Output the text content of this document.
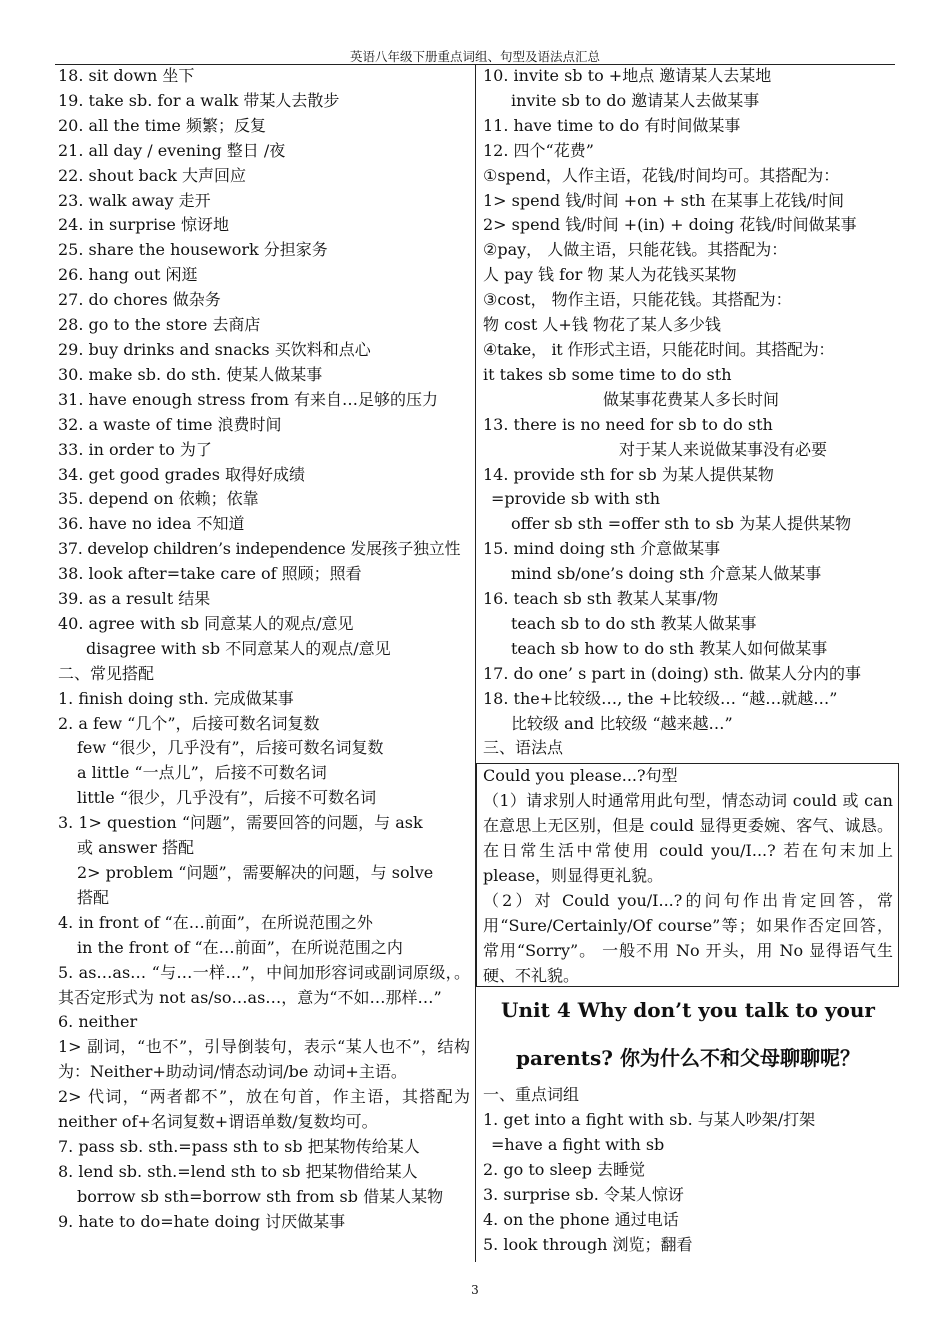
英语八年级下册重点词组、句型及语法点汇总
18. sit down 坐下
19. take sb. for a walk 带某人去散步
20. all the time 频繁；反复
21. all day / evening 整日 /夜
22. shout back 大声回应
23. walk away 走开
24. in surprise 惊讶地
25. share the housework 分担家务
26. hang out 闲逛
27. do chores 做杂务
28. go to the store 去商店
29. buy drinks and snacks 买饮料和点心
30. make sb. do sth. 使某人做某事
31. have enough stress from 有来自…足够的压力
32. a waste of time 浪费时间
33. in order to 为了
34. get good grades 取得好成绩
35. depend on 依赖；依靠
36. have no idea 不知道
37. develop children’s independence 发展孩子独立性
38. look after=take care of 照顾；照看
39. as a result 结果
40. agree with sb 同意某人的观点/意见
disagree with sb 不同意某人的观点/意见
二、常见搭配
1. finish doing sth. 完成做某事
2. a few “几个”，后接可数名词复数
few “很少，几乎没有”，后接可数名词复数
a little “一点儿”，后接不可数名词
little “很少，几乎没有”，后接不可数名词
3. 1> question “问题”，需要回答的问题，与 ask
或 answer 搭配
2> problem “问题”，需要解决的问题，与 solve
搭配
4. in front of “在…前面”，在所说范围之外
in the front of “在…前面”，在所说范围之内
5. as…as… “与…一样…”，中间加形容词或副词原级，。其否定形式为 not as/so…as…，意为“不如…那样…”
6. neither
1> 副词，“也不”，引导倒装句，表示“某人也不”，结构为：Neither+助动词/情态动词/be 动词+主语。
2> 代词，“两者都不”，放在句首，作主语，其搭配为 neither of+名词复数+谓语单数/复数均可。
7. pass sb. sth.=pass sth to sb 把某物传给某人
8. lend sb. sth.=lend sth to sb 把某物借给某人
borrow sb sth=borrow sth from sb 借某人某物
9. hate to do=hate doing 讨厌做某事
10. invite sb to +地点 邀请某人去某地
invite sb to do 邀请某人去做某事
11. have time to do 有时间做某事
12. 四个“花费”
①spend，人作主语，花钱/时间均可。其搭配为：
1> spend 钱/时间 +on + sth 在某事上花钱/时间
2> spend 钱/时间 +(in) + doing 花钱/时间做某事
②pay， 人做主语，只能花钱。其搭配为：
人 pay 钱 for 物 某人为花钱买某物
③cost， 物作主语，只能花钱。其搭配为：
物 cost 人+钱 物花了某人多少钱
④take， it 作形式主语，只能花时间。其搭配为：
it takes sb some time to do sth
做某事花费某人多长时间
13. there is no need for sb to do sth
对于某人来说做某事没有必要
14. provide sth for sb 为某人提供某物
=provide sb with sth
offer sb sth =offer sth to sb 为某人提供某物
15. mind doing sth 介意做某事
mind sb/one’s doing sth 介意某人做某事
16. teach sb sth 教某人某事/物
teach sb to do sth 教某人做某事
teach sb how to do sth 教某人如何做某事
17. do one’ s part in (doing) sth. 做某人分内的事
18. the+比较级…, the +比较级… “越…就越…”
比较级 and 比较级 “越来越…”
三、语法点
Could you please...?句型
（1）请求别人时通常用此句型，情态动词 could 或 can 在意思上无区别，但是 could 显得更委婉、客气、诚恳。在日常生活中常使用 could you/I...? 若在句末加上 please，则显得更礼貌。
（2）对 Could you/I...?的问句作出肯定回答，常用“Sure/Certainly/Of course”等；如果作否定回答，常用“Sorry”。 一般不用 No 开头，用 No 显得语气生硬、不礼貌。
Unit 4 Why don’t you talk to your
parents? 你为什么不和父母聊聊呢？
一、重点词组
1. get into a fight with sb. 与某人吵架/打架
=have a fight with sb
2. go to sleep 去睡觉
3. surprise sb. 令某人惊讶
4. on the phone 通过电话
5. look through 浏览；翻看
3
